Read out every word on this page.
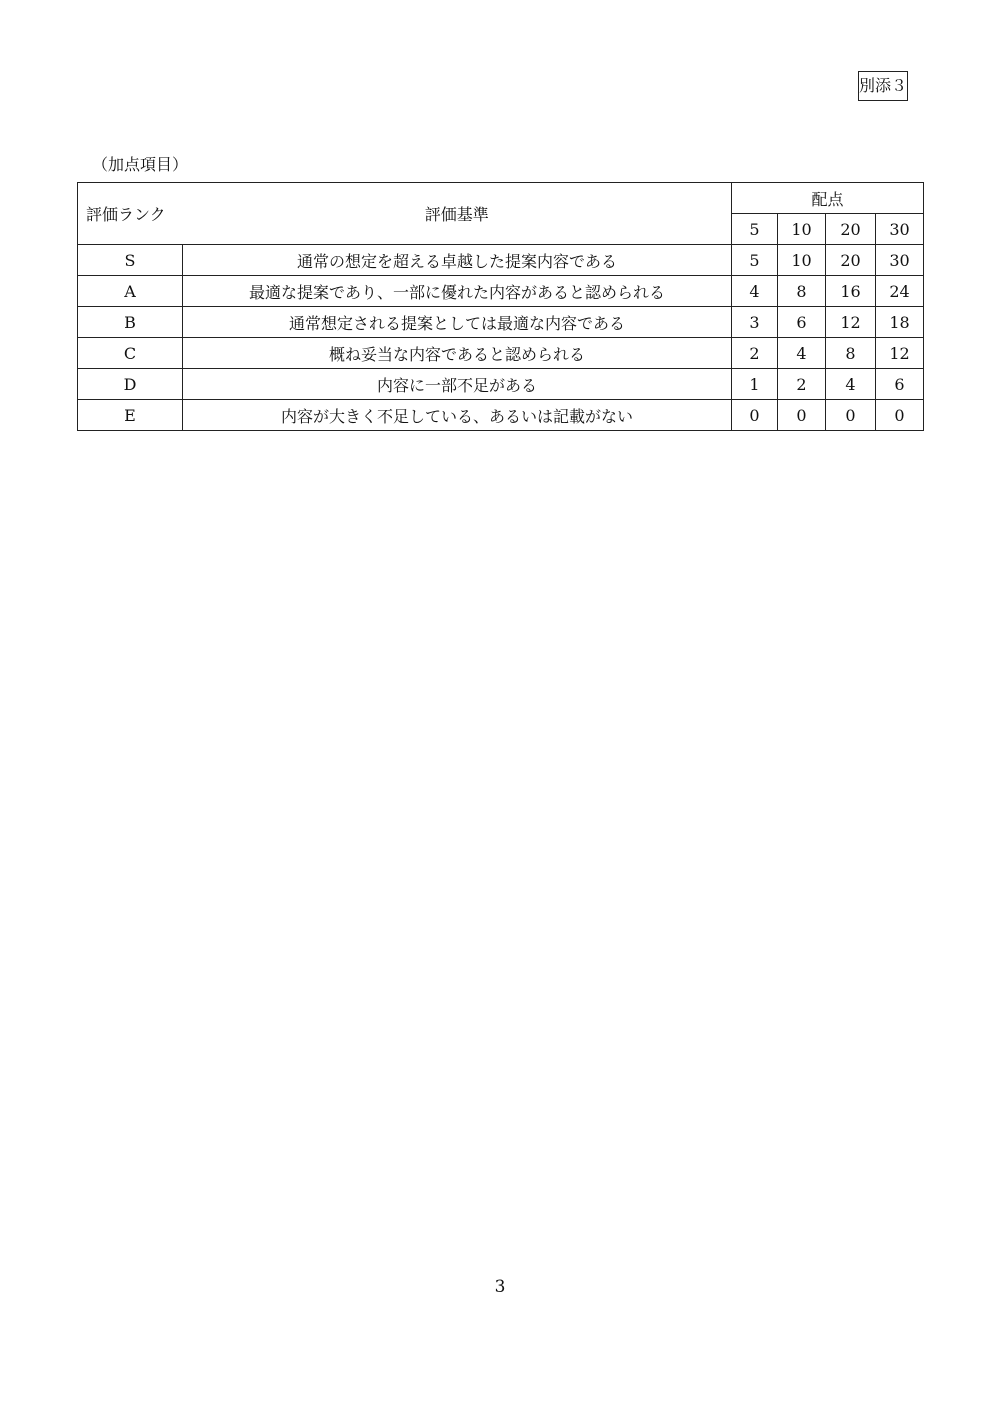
別添３
（加点項目）
評価ランク	評価基準	配点			
		5	10	20	30
S	通常の想定を超える卓越した提案内容である	5	10	20	30
A	最適な提案であり、一部に優れた内容があると認められる	4	8	16	24
B	通常想定される提案としては最適な内容である	3	6	12	18
C	概ね妥当な内容であると認められる	2	4	8	12
D	内容に一部不足がある	1	2	4	6
E	内容が大きく不足している、あるいは記載がない	0	0	0	0
3
